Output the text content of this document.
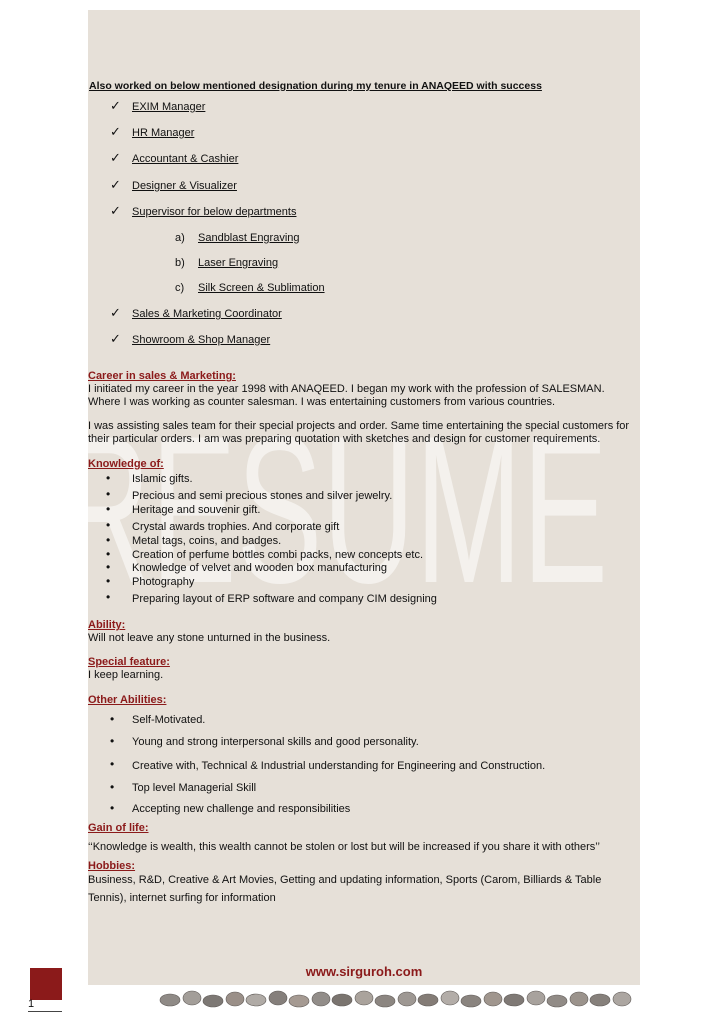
RESUME
Also worked on below mentioned designation during my tenure in ANAQEED with success
✓ EXIM Manager
✓ HR Manager
✓ Accountant & Cashier
✓ Designer & Visualizer
✓ Supervisor for below departments
a) Sandblast Engraving
b) Laser Engraving
c) Silk Screen & Sublimation
✓ Sales & Marketing Coordinator
✓ Showroom & Shop Manager
Career in sales & Marketing:
I initiated my career in the year 1998 with ANAQEED. I began my work with the profession of SALESMAN.
Where I was working as counter salesman. I was entertaining customers from various countries.
I was assisting sales team for their special projects and order. Same time entertaining the special customers for
their particular orders. I am was preparing quotation with sketches and design for customer requirements.
Knowledge of:
• Islamic gifts.
• Precious and semi precious stones and silver jewelry.
• Heritage and souvenir gift.
• Crystal awards trophies. And corporate gift
• Metal tags, coins, and badges.
• Creation of perfume bottles combi packs, new concepts etc.
• Knowledge of velvet and wooden box manufacturing
• Photography
• Preparing layout of ERP software and company CIM designing
Ability:
Will not leave any stone unturned in the business.
Special feature:
I keep learning.
Other Abilities:
• Self-Motivated.
• Young and strong interpersonal skills and good personality.
• Creative with, Technical & Industrial understanding for Engineering and Construction.
• Top level Managerial Skill
• Accepting new challenge and responsibilities
Gain of life:
‘‘Knowledge is wealth, this wealth cannot be stolen or lost but will be increased if you share it with others’’
Hobbies:
Business, R&D, Creative & Art Movies, Getting and updating information, Sports (Carom, Billiards & Table
Tennis), internet surfing for information
www.sirguroh.com
1
